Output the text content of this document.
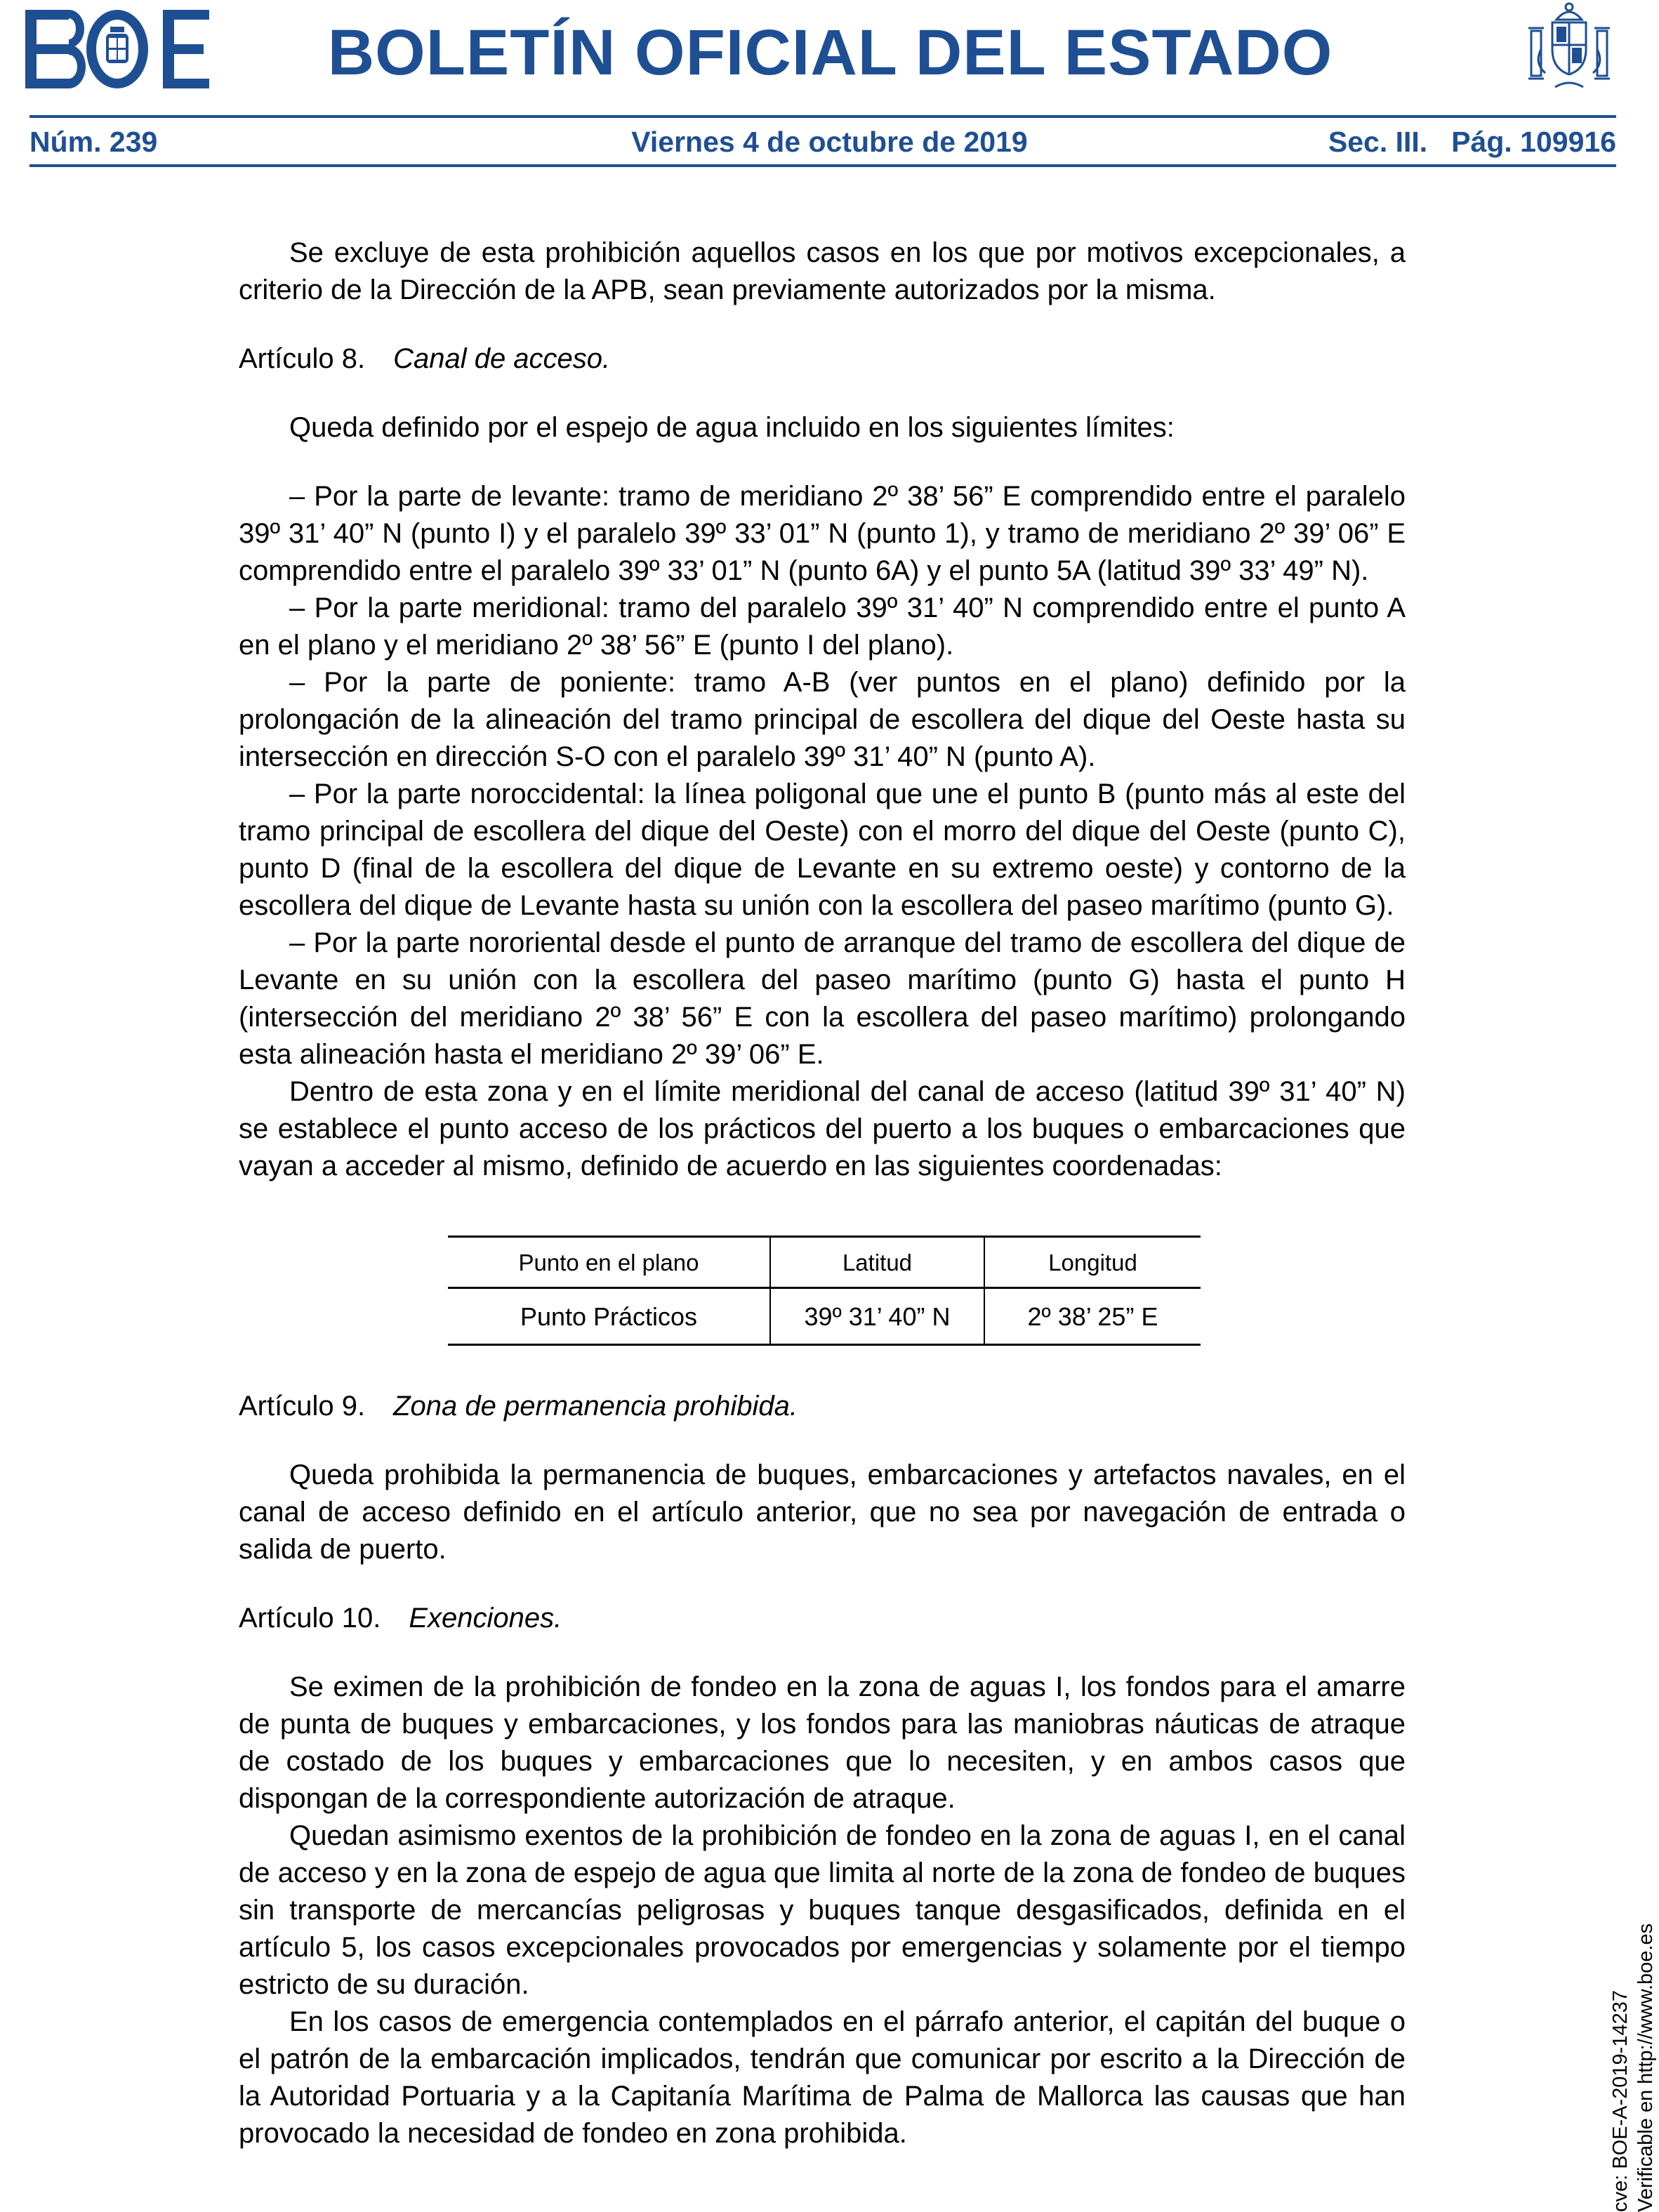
BOLETÍN OFICIAL DEL ESTADO
Núm. 239	Viernes 4 de octubre de 2019	Sec. III. Pág. 109916

Se excluye de esta prohibición aquellos casos en los que por motivos excepcionales, a criterio de la Dirección de la APB, sean previamente autorizados por la misma.

Artículo 8. Canal de acceso.

Queda definido por el espejo de agua incluido en los siguientes límites:

– Por la parte de levante: tramo de meridiano 2º 38’ 56” E comprendido entre el paralelo 39º 31’ 40” N (punto I) y el paralelo 39º 33’ 01” N (punto 1), y tramo de meridiano 2º 39’ 06” E comprendido entre el paralelo 39º 33’ 01” N (punto 6A) y el punto 5A (latitud 39º 33’ 49” N).

– Por la parte meridional: tramo del paralelo 39º 31’ 40” N comprendido entre el punto A en el plano y el meridiano 2º 38’ 56” E (punto I del plano).

– Por la parte de poniente: tramo A-B (ver puntos en el plano) definido por la prolongación de la alineación del tramo principal de escollera del dique del Oeste hasta su intersección en dirección S-O con el paralelo 39º 31’ 40” N (punto A).

– Por la parte noroccidental: la línea poligonal que une el punto B (punto más al este del tramo principal de escollera del dique del Oeste) con el morro del dique del Oeste (punto C), punto D (final de la escollera del dique de Levante en su extremo oeste) y contorno de la escollera del dique de Levante hasta su unión con la escollera del paseo marítimo (punto G).

– Por la parte nororiental desde el punto de arranque del tramo de escollera del dique de Levante en su unión con la escollera del paseo marítimo (punto G) hasta el punto H (intersección del meridiano 2º 38’ 56” E con la escollera del paseo marítimo) prolongando esta alineación hasta el meridiano 2º 39’ 06” E.

Dentro de esta zona y en el límite meridional del canal de acceso (latitud 39º 31’ 40” N) se establece el punto acceso de los prácticos del puerto a los buques o embarcaciones que vayan a acceder al mismo, definido de acuerdo en las siguientes coordenadas:

Punto en el plano	Latitud	Longitud
Punto Prácticos	39º 31’ 40” N	2º 38’ 25” E

Artículo 9. Zona de permanencia prohibida.

Queda prohibida la permanencia de buques, embarcaciones y artefactos navales, en el canal de acceso definido en el artículo anterior, que no sea por navegación de entrada o salida de puerto.

Artículo 10. Exenciones.

Se eximen de la prohibición de fondeo en la zona de aguas I, los fondos para el amarre de punta de buques y embarcaciones, y los fondos para las maniobras náuticas de atraque de costado de los buques y embarcaciones que lo necesiten, y en ambos casos que dispongan de la correspondiente autorización de atraque.

Quedan asimismo exentos de la prohibición de fondeo en la zona de aguas I, en el canal de acceso y en la zona de espejo de agua que limita al norte de la zona de fondeo de buques sin transporte de mercancías peligrosas y buques tanque desgasificados, definida en el artículo 5, los casos excepcionales provocados por emergencias y solamente por el tiempo estricto de su duración.

En los casos de emergencia contemplados en el párrafo anterior, el capitán del buque o el patrón de la embarcación implicados, tendrán que comunicar por escrito a la Dirección de la Autoridad Portuaria y a la Capitanía Marítima de Palma de Mallorca las causas que han provocado la necesidad de fondeo en zona prohibida.	cve: BOE-A-2019-14237 Verificable en http://www.boe.es
